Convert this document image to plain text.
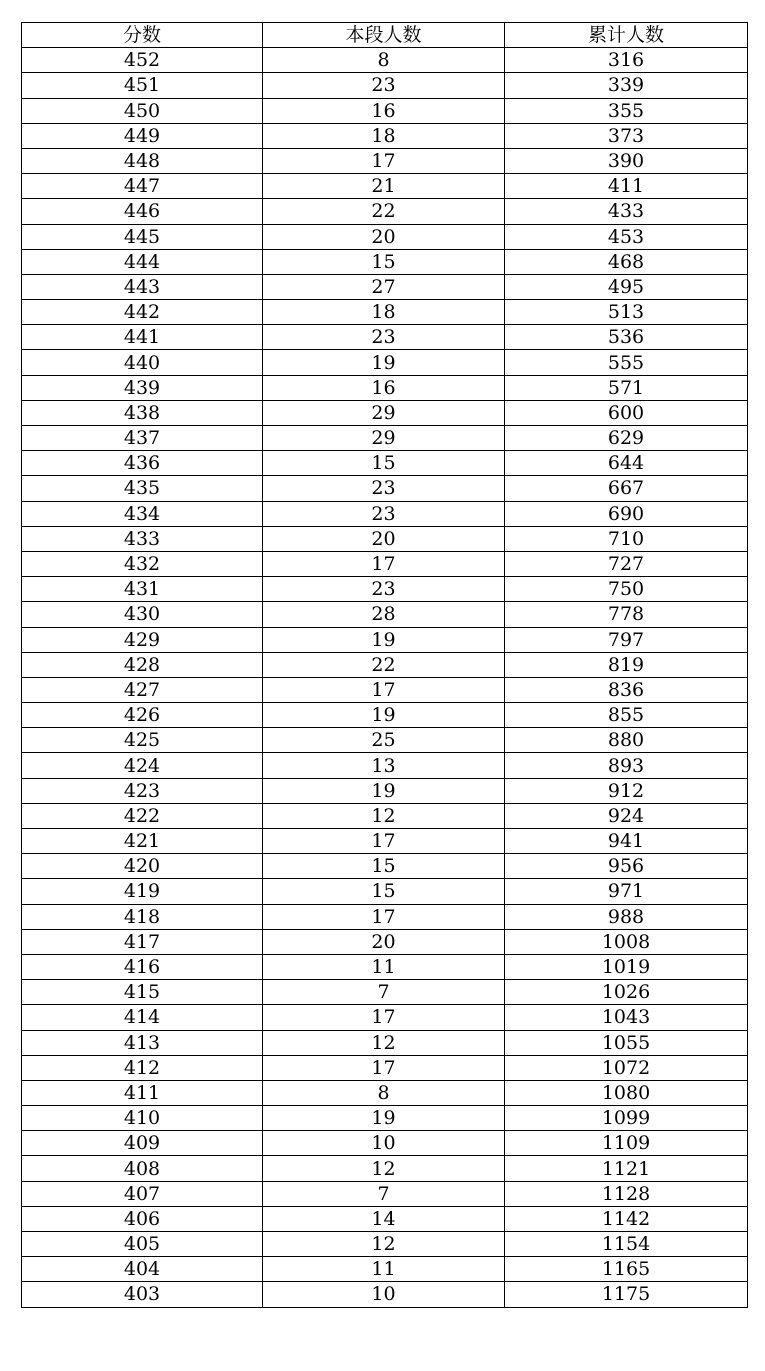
分数	本段人数	累计人数
452	8	316
451	23	339
450	16	355
449	18	373
448	17	390
447	21	411
446	22	433
445	20	453
444	15	468
443	27	495
442	18	513
441	23	536
440	19	555
439	16	571
438	29	600
437	29	629
436	15	644
435	23	667
434	23	690
433	20	710
432	17	727
431	23	750
430	28	778
429	19	797
428	22	819
427	17	836
426	19	855
425	25	880
424	13	893
423	19	912
422	12	924
421	17	941
420	15	956
419	15	971
418	17	988
417	20	1008
416	11	1019
415	7	1026
414	17	1043
413	12	1055
412	17	1072
411	8	1080
410	19	1099
409	10	1109
408	12	1121
407	7	1128
406	14	1142
405	12	1154
404	11	1165
403	10	1175
